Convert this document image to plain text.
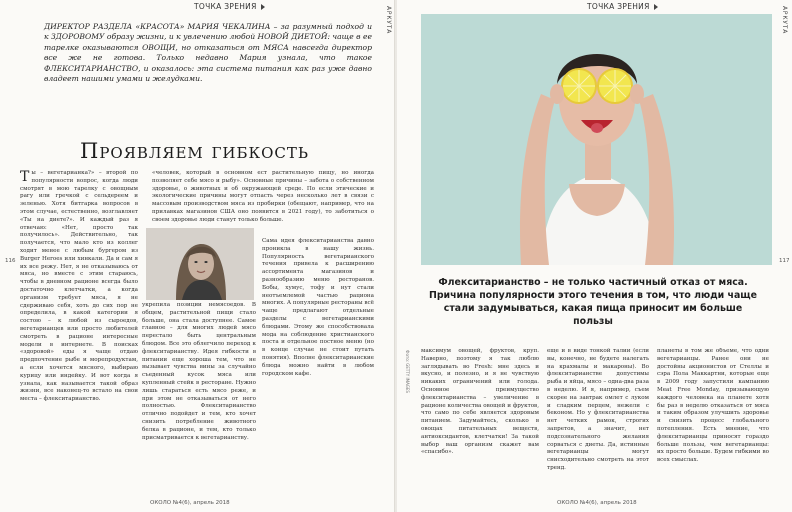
ТОЧКА ЗРЕНИЯ	АРКУТА
ДИРЕКТОР РАЗДЕЛА «КРАСОТА» МАРИЯ ЧЕКАЛИНА – за разумный подход и к ЗДОРОВОМУ образу жизни, и к увлечению любой НОВОЙ ДИЕТОЙ: чаще в ее тарелке оказываются ОВОЩИ, но отказаться от МЯСА навсегда директор все же не готова. Только недавно Мария узнала, что такое ФЛЕКСИТАРИАНСТВО, и оказалось: эта система питания как раз уже давно владеет нашими умами и желудками.
Проявляем гибкость

Ты – вегетарианка?» – второй по популярности вопрос, когда люди смотрят в мою тарелку с овощным рагу или гречкой с сельдереем и зеленью. Хотя битгарка вопросов в этом случае, естественно, возглавляет «Ты на диете?». И каждый раз я отвечаю: «Нет, просто так получилось». Действительно, так получается, что мало кто из коллег ходит менее с любым бургером из Burger Heroes или хинкали. Да и сам я их все режу. Нет, я не отказываюсь от мяса, но вместе с этим стараюсь, чтобы в дневном рационе всегда было достаточно клетчатки, а когда организм требует мяса, я не сдерживаю себя, хоть до сих пор не определила, в какой категории я состою – к любой из сыроедов, вегетарианцев или просто любителей смотреть в рационе интересные модели в интернете. В поисках «здоровой» еды я чаще отдаю предпочтение рыбе и морепродуктам, а если хочется мясного, выбираю курицу или индейку. И вот когда я узнала, как называется такой образ жизни, все наконец-то встало на свои места – флекситарианство.

«человек, который в основном ест растительную пищу, но иногда позволяет себе мясо и рыбу». Основные причины – забота о собственном здоровье, о животных и об окружающей среде. По если этические и экологические причины могут отпасть через несколько лет в связи с массовым производством мяса из пробирки (обещают, например, что на прилавках магазинов США оно появится в 2021 году), то заботиться о своем здоровье люди станут только больше.

укрепила позиции немясоедов. В общем, растительной пищи стало больше, она стала доступнее. Самое главное – для многих людей мясо перестало быть центральным блюдом. Все это облегчило переход к флекситарианству. Идея гибкости в питании еще хороша тем, что не вызывает чувства вины за случайно съеденный кусок мяса или купленный стейк в ресторане. Нужно лишь стараться есть мясо реже, и при этом не отказываться от него полностью. Флекситарианство отлично подойдет и тем, кто хочет снизить потребление животного белка в рационе, и тем, кто только присматривается к вегетарианству.

Сама идея флекситарианства давно проникла в нашу жизнь. Популярность вегетарианского течения привела к расширению ассортимента магазинов и разнообразию меню ресторанов. Бобы, хумус, тофу и нут стали неотъемлемой частью рациона многих. А популярные рестораны всё чаще предлагают отдельные разделы с вегетарианскими блюдами. Этому же способствовала мода на соблюдение христианского поста и отдельное постное меню (но в конце случае не стоит путать понятия). Вполне флекситарианские блюда можно найти в любом городском кафе.

116
ОКОЛО №4(6), апрель 2018
ТОЧКА ЗРЕНИЯ	АРКУТА
Флекситарианство – не только частичный отказ от мяса. Причина популярности этого течения в том, что люди чаще стали задумываться, какая пища приносит им больше пользы
Фото: GETTY IMAGES максимум овощей, фруктов, круп. Наверно, поэтому я так люблю заглядывать во Fresh: мне здесь и вкусно, и полезно, и я не чувствую никаких ограничений или голода. Основное преимущество флекситарианства – увеличение в рационе количества овощей и фруктов, что само по себе является здоровым питанием. Задумайтесь, сколько в овощах питательных веществ, антиоксидантов, клетчатки! За такой выбор ваш организм скажет вам «спасибо».

еще и в виде тонкой талии (если вы, конечно, не будете налегать на крахмалы и макароны). Во флекситарианстве допустимы рыба и яйца, мясо – одна-два раза в неделю. И я, например, съем скорее на завтрак омлет с луком и сладким перцем, нежели с беконом. Но у флекситарианства нет четких рамок, строгих запретов, а значит, нет подсознательного желания сорваться с диеты. Да, истинные вегетарианцы могут снисходительно смотреть на этот тренд.

планеты в том же объеме, что одни вегетарианцы. Ранее они не достойны акционистов от Стеллы и сэра Пола Маккартни, которые еще в 2009 году запустили кампанию Meat Free Monday, призывающую каждого человека на планете хотя бы раз в неделю отказаться от мяса и таким образом улучшить здоровье и снизить процесс глобального потепления. Есть мнение, что флекситарианцы приносят гораздо больше пользы, чем вегетарианцы: их просто больше. Будем гибкими во всех смыслах.

117
ОКОЛО №4(6), апрель 2018
